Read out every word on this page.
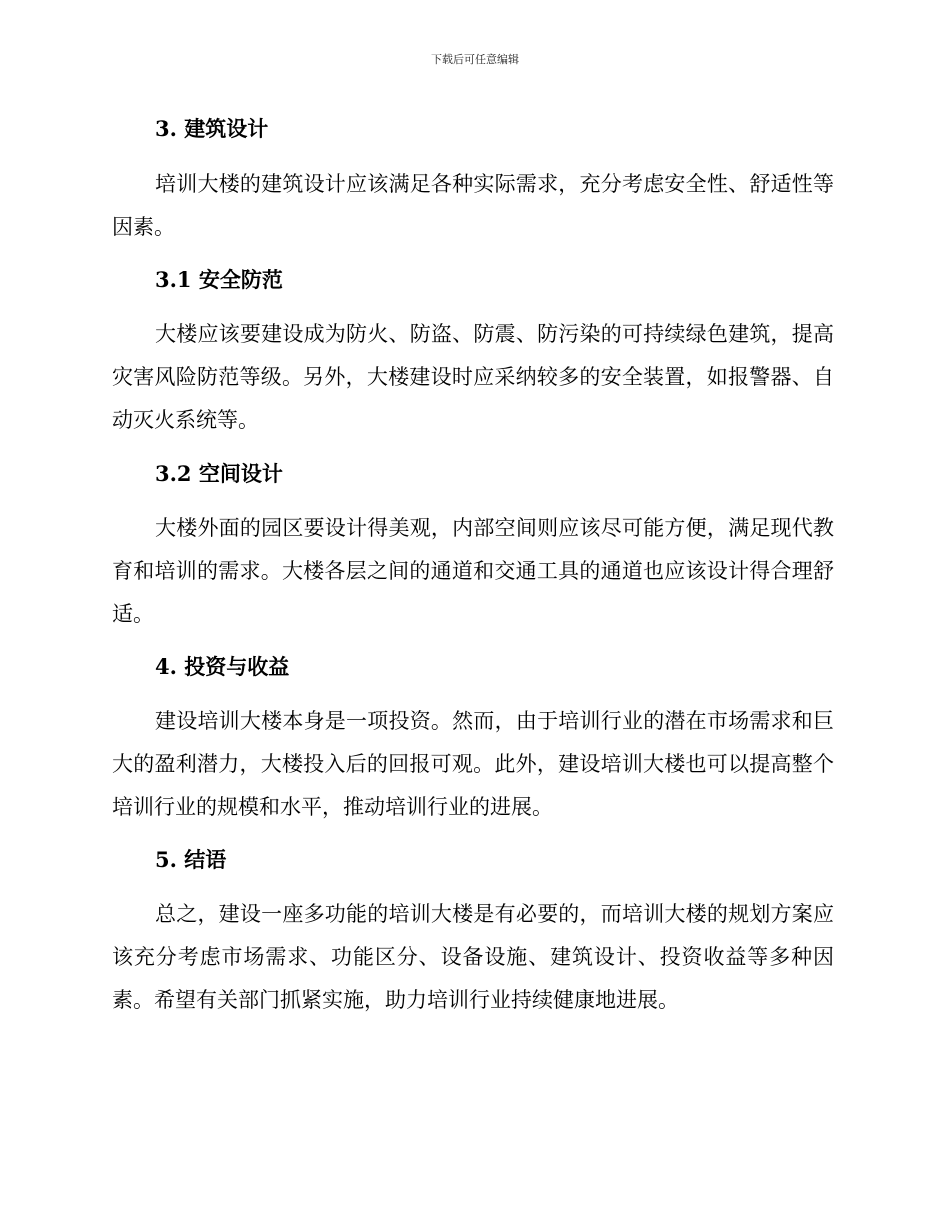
下载后可任意编辑
3. 建筑设计

培训大楼的建筑设计应该满足各种实际需求，充分考虑安全性、舒适性等因素。

3.1 安全防范

大楼应该要建设成为防火、防盗、防震、防污染的可持续绿色建筑，提高灾害风险防范等级。另外，大楼建设时应采纳较多的安全装置，如报警器、自动灭火系统等。

3.2 空间设计

大楼外面的园区要设计得美观，内部空间则应该尽可能方便，满足现代教育和培训的需求。大楼各层之间的通道和交通工具的通道也应该设计得合理舒适。

4. 投资与收益

建设培训大楼本身是一项投资。然而，由于培训行业的潜在市场需求和巨大的盈利潜力，大楼投入后的回报可观。此外，建设培训大楼也可以提高整个培训行业的规模和水平，推动培训行业的进展。

5. 结语

总之，建设一座多功能的培训大楼是有必要的，而培训大楼的规划方案应该充分考虑市场需求、功能区分、设备设施、建筑设计、投资收益等多种因素。希望有关部门抓紧实施，助力培训行业持续健康地进展。
